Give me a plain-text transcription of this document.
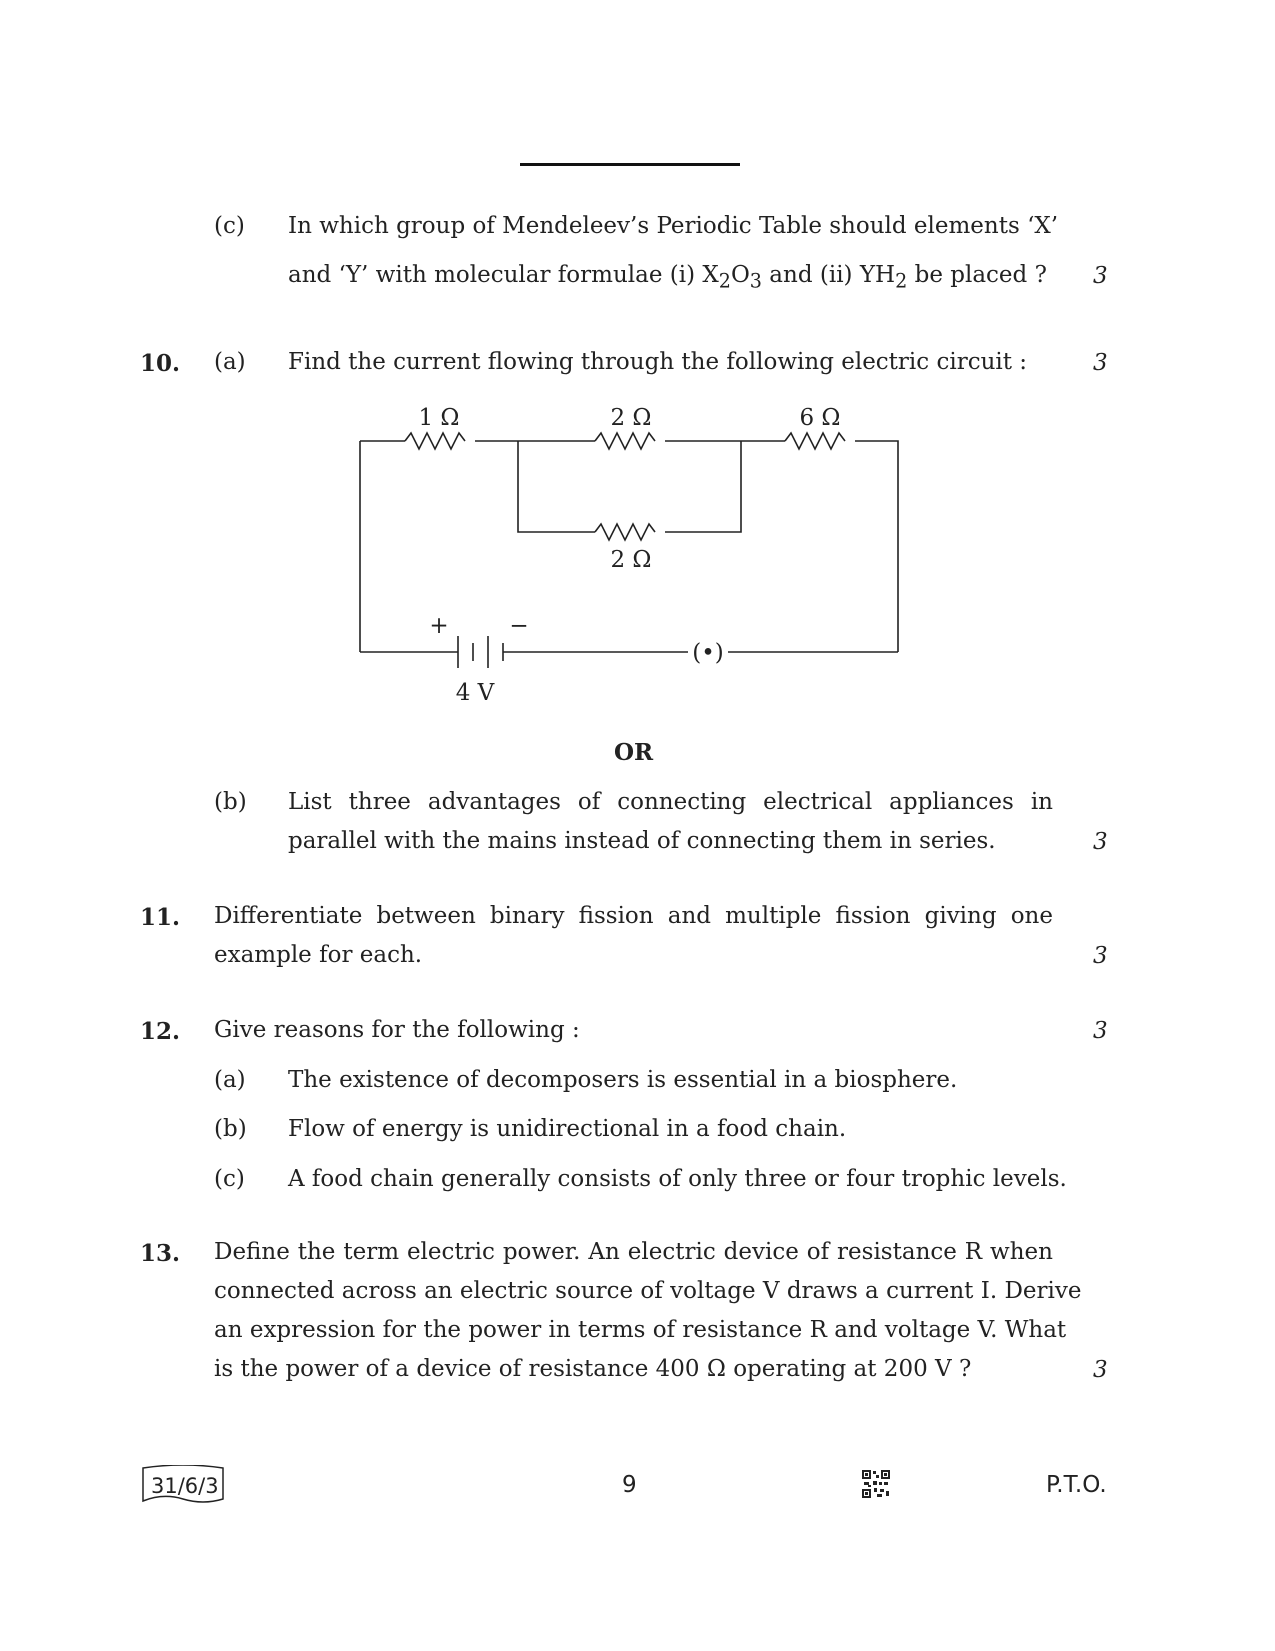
(c) In which group of Mendeleev’s Periodic Table should elements ‘X’
and ‘Y’ with molecular formulae (i) $X_2O_3$ and (ii) $YH_2$ be placed ? 3
10. (a) Find the current flowing through the following electric circuit :	3
1 Ω	2 Ω	6 Ω
2 Ω
+	−
4 V
(•)
OR
(b) List three advantages of connecting electrical appliances in
parallel with the mains instead of connecting them in series.	3
11. Differentiate between binary fission and multiple fission giving one
example for each.	3
12. Give reasons for the following :	3
(a) The existence of decomposers is essential in a biosphere.
(b) Flow of energy is unidirectional in a food chain.
(c) A food chain generally consists of only three or four trophic levels.
13. Define the term electric power. An electric device of resistance R when
connected across an electric source of voltage V draws a current I. Derive
an expression for the power in terms of resistance R and voltage V. What
is the power of a device of resistance 400 Ω operating at 200 V ?	3
31/6/3	9	P.T.O.
